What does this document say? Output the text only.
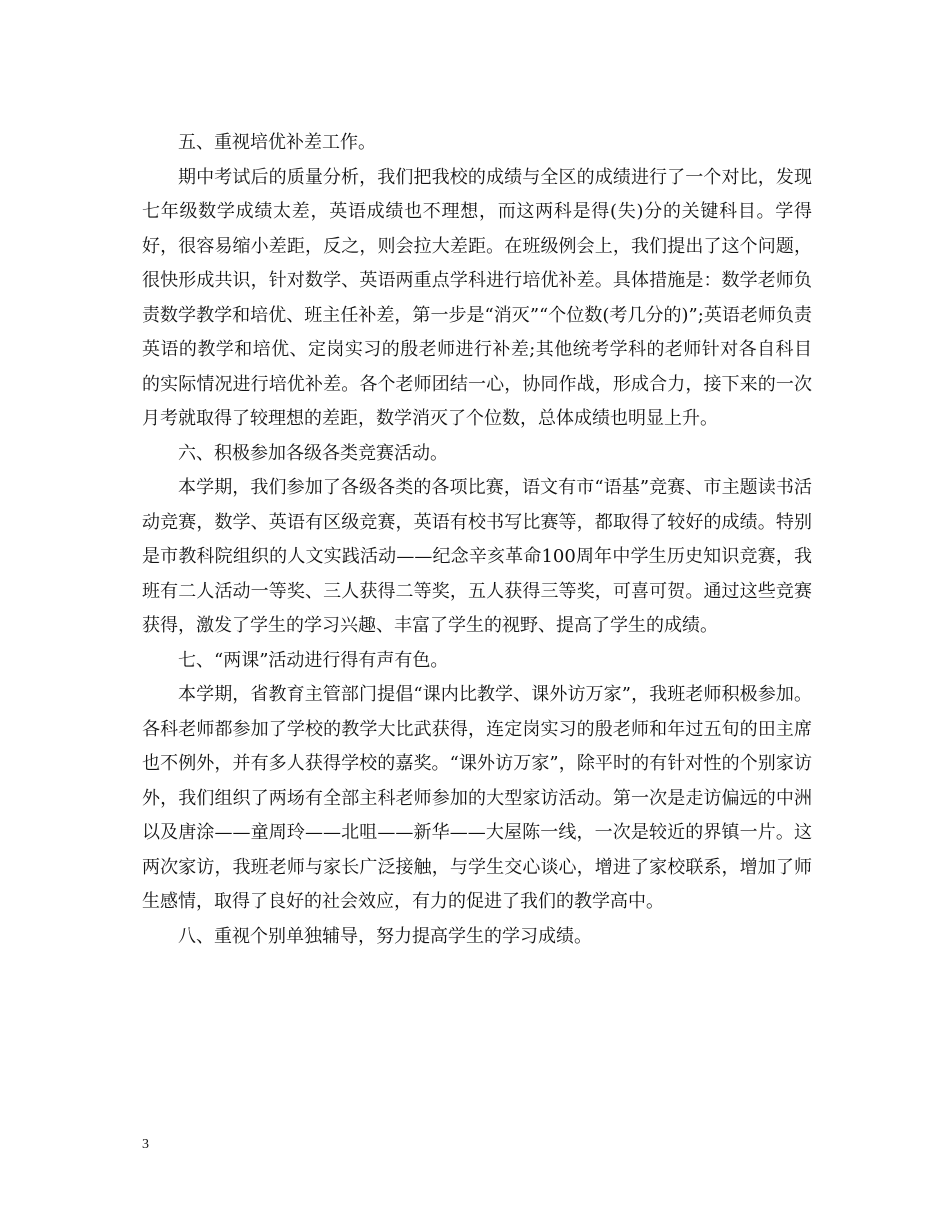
五、重视培优补差工作。

期中考试后的质量分析，我们把我校的成绩与全区的成绩进行了一个对比，发现七年级数学成绩太差，英语成绩也不理想，而这两科是得(失)分的关键科目。学得好，很容易缩小差距，反之，则会拉大差距。在班级例会上，我们提出了这个问题，很快形成共识，针对数学、英语两重点学科进行培优补差。具体措施是：数学老师负责数学教学和培优、班主任补差，第一步是“消灭”“个位数(考几分的)”;英语老师负责英语的教学和培优、定岗实习的殷老师进行补差;其他统考学科的老师针对各自科目的实际情况进行培优补差。各个老师团结一心，协同作战，形成合力，接下来的一次月考就取得了较理想的差距，数学消灭了个位数，总体成绩也明显上升。

六、积极参加各级各类竞赛活动。

本学期，我们参加了各级各类的各项比赛，语文有市“语基”竞赛、市主题读书活动竞赛，数学、英语有区级竞赛，英语有校书写比赛等，都取得了较好的成绩。特别是市教科院组织的人文实践活动——纪念辛亥革命100周年中学生历史知识竞赛，我班有二人活动一等奖、三人获得二等奖，五人获得三等奖，可喜可贺。通过这些竞赛获得，激发了学生的学习兴趣、丰富了学生的视野、提高了学生的成绩。

七、“两课”活动进行得有声有色。

本学期，省教育主管部门提倡“课内比教学、课外访万家”，我班老师积极参加。各科老师都参加了学校的教学大比武获得，连定岗实习的殷老师和年过五旬的田主席也不例外，并有多人获得学校的嘉奖。“课外访万家”，除平时的有针对性的个别家访外，我们组织了两场有全部主科老师参加的大型家访活动。第一次是走访偏远的中洲以及唐涂——童周玲——北咀——新华——大屋陈一线，一次是较近的界镇一片。这两次家访，我班老师与家长广泛接触，与学生交心谈心，增进了家校联系，增加了师生感情，取得了良好的社会效应，有力的促进了我们的教学高中。

八、重视个别单独辅导，努力提高学生的学习成绩。

3
